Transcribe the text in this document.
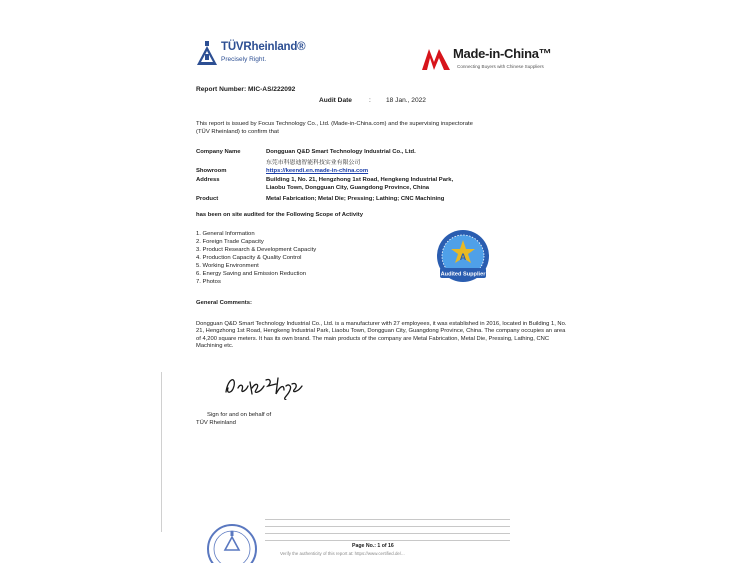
TÜVRheinland®
Precisely Right.	Made-in-China™
Connecting Buyers with Chinese Suppliers
Report Number: MIC-AS/222092
Audit Date	: 18 Jan., 2022
This report is issued by Focus Technology Co., Ltd. (Made-in-China.com) and the supervising inspectorate
(TÜV Rheinland) to confirm that
Company Name	Dongguan Q&D Smart Technology Industrial Co., Ltd.
东莞市科恩迪智能科技实业有限公司
Showroom	https://keendi.en.made-in-china.com
Address	Building 1, No. 21, Hengzhong 1st Road, Hengkeng Industrial Park,
Liaobu Town, Dongguan City, Guangdong Province, China
Product	Metal Fabrication; Metal Die; Pressing; Lathing; CNC Machining
has been on site audited for the Following Scope of Activity
1. General Information
2. Foreign Trade Capacity
3. Product Research & Development Capacity
4. Production Capacity & Quality Control
5. Working Environment
6. Energy Saving and Emission Reduction
7. Photos
A
Audited Supplier
General Comments:
Dongguan Q&D Smart Technology Industrial Co., Ltd. is a manufacturer with 27 employees, it was established in 2016, located in Building 1, No. 21, Hengzhong 1st Road, Hengkeng Industrial Park, Liaobu Town, Dongguan City, Guangdong Province, China. The company occupies an area of 4,200 square meters. It has its own brand. The main products of the company are Metal Fabrication, Metal Die, Pressing, Lathing, CNC Machining etc.
Sign for and on behalf of
TÜV Rheinland
Page No.: 1 of 16
Verify the authenticity of this report at: https://www.certified.de/...
